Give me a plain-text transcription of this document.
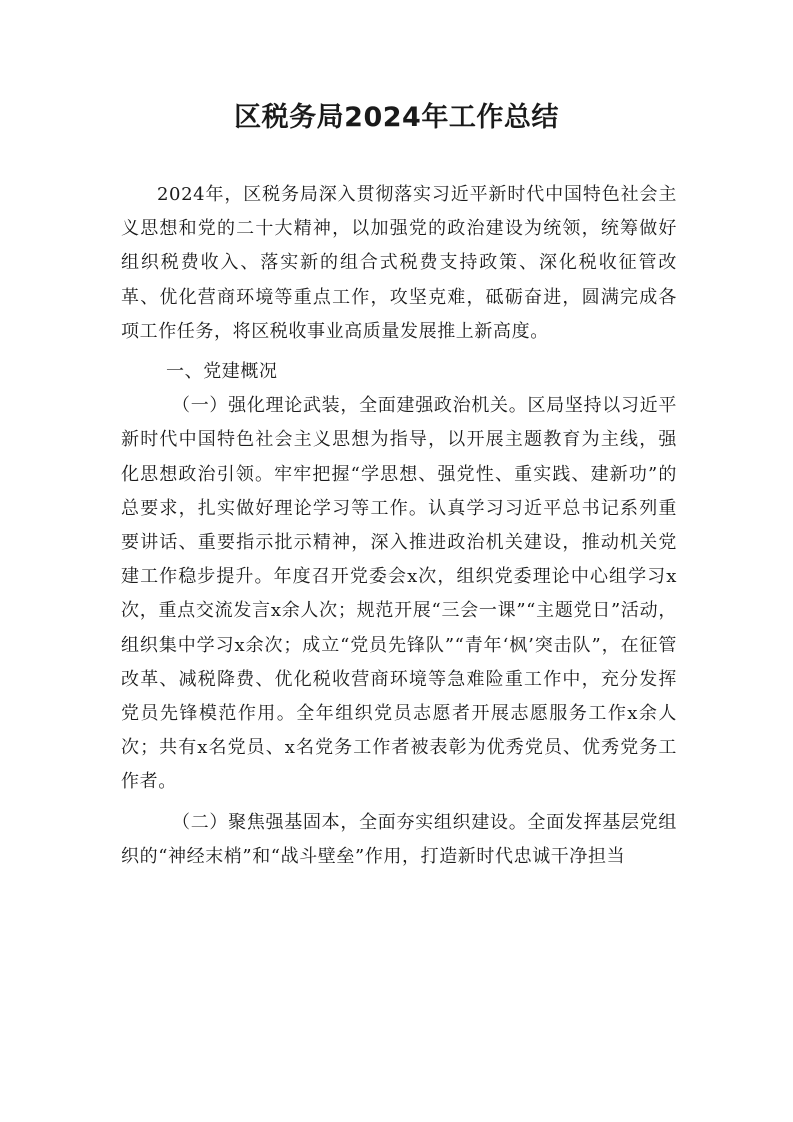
区税务局2024年工作总结

2024年，区税务局深入贯彻落实习近平新时代中国特色社会主义思想和党的二十大精神，以加强党的政治建设为统领，统筹做好组织税费收入、落实新的组合式税费支持政策、深化税收征管改革、优化营商环境等重点工作，攻坚克难，砥砺奋进，圆满完成各项工作任务，将区税收事业高质量发展推上新高度。

一、党建概况

（一）强化理论武装，全面建强政治机关。区局坚持以习近平新时代中国特色社会主义思想为指导，以开展主题教育为主线，强化思想政治引领。牢牢把握“学思想、强党性、重实践、建新功”的总要求，扎实做好理论学习等工作。认真学习习近平总书记系列重要讲话、重要指示批示精神，深入推进政治机关建设，推动机关党建工作稳步提升。年度召开党委会x次，组织党委理论中心组学习x次，重点交流发言x余人次；规范开展“三会一课”“主题党日”活动，组织集中学习x余次；成立“党员先锋队”“青年‘枫’突击队”，在征管改革、减税降费、优化税收营商环境等急难险重工作中，充分发挥党员先锋模范作用。全年组织党员志愿者开展志愿服务工作x余人次；共有x名党员、x名党务工作者被表彰为优秀党员、优秀党务工作者。

（二）聚焦强基固本，全面夯实组织建设。全面发挥基层党组织的“神经末梢”和“战斗壁垒”作用，打造新时代忠诚干净担当
